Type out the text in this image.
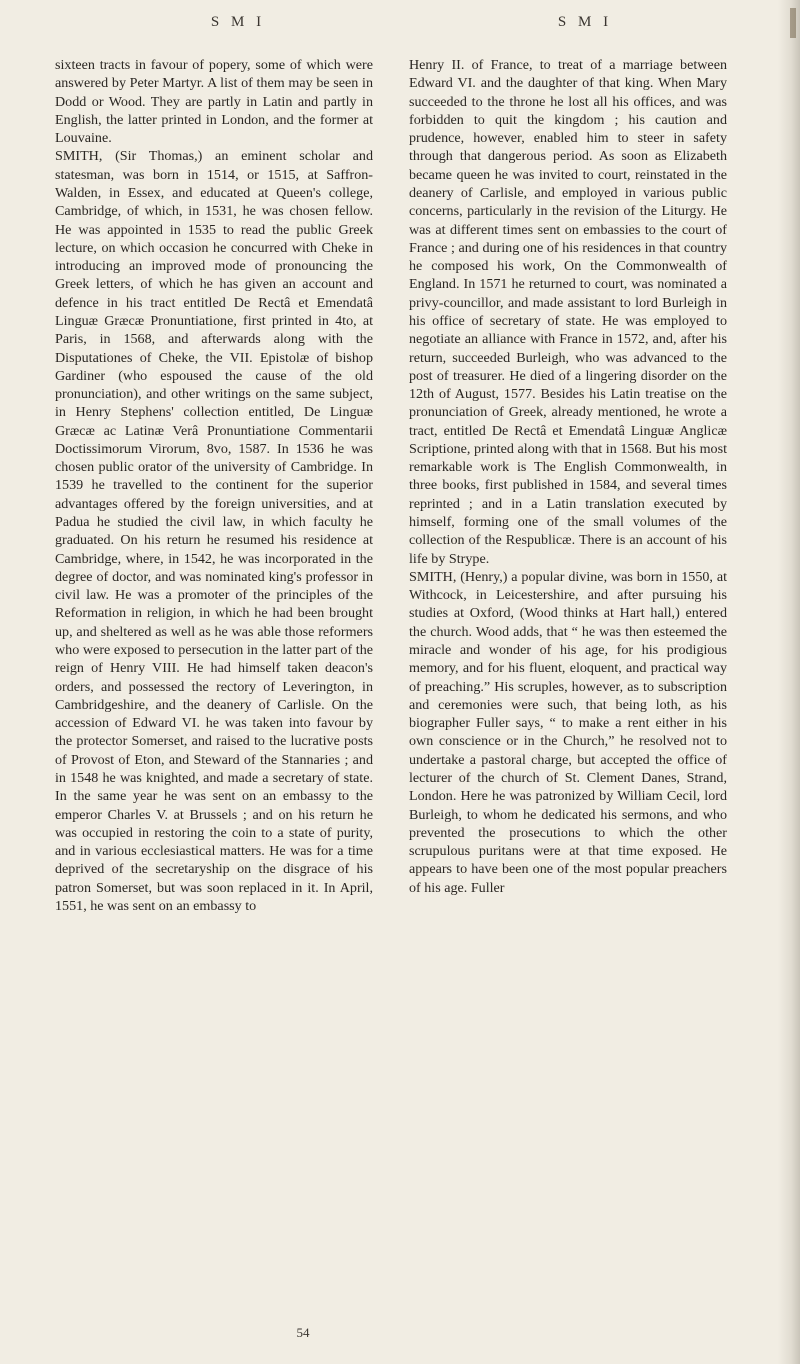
S M I	S M I

sixteen tracts in favour of popery, some of which were answered by Peter Martyr. A list of them may be seen in Dodd or Wood. They are partly in Latin and partly in English, the latter printed in London, and the former at Louvaine.

SMITH, (Sir Thomas,) an eminent scholar and statesman, was born in 1514, or 1515, at Saffron-Walden, in Essex, and educated at Queen's college, Cambridge, of which, in 1531, he was chosen fellow. He was appointed in 1535 to read the public Greek lecture, on which occasion he concurred with Cheke in introducing an improved mode of pronouncing the Greek letters, of which he has given an account and defence in his tract entitled De Rectâ et Emendatâ Linguæ Græcæ Pronuntiatione, first printed in 4to, at Paris, in 1568, and afterwards along with the Disputationes of Cheke, the VII. Epistolæ of bishop Gardiner (who espoused the cause of the old pronunciation), and other writings on the same subject, in Henry Stephens' collection entitled, De Linguæ Græcæ ac Latinæ Verâ Pronuntiatione Commentarii Doctissimorum Virorum, 8vo, 1587. In 1536 he was chosen public orator of the university of Cambridge. In 1539 he travelled to the continent for the superior advantages offered by the foreign universities, and at Padua he studied the civil law, in which faculty he graduated. On his return he resumed his residence at Cambridge, where, in 1542, he was incorporated in the degree of doctor, and was nominated king's professor in civil law. He was a promoter of the principles of the Reformation in religion, in which he had been brought up, and sheltered as well as he was able those reformers who were exposed to persecution in the latter part of the reign of Henry VIII. He had himself taken deacon's orders, and possessed the rectory of Leverington, in Cambridgeshire, and the deanery of Carlisle. On the accession of Edward VI. he was taken into favour by the protector Somerset, and raised to the lucrative posts of Provost of Eton, and Steward of the Stannaries ; and in 1548 he was knighted, and made a secretary of state. In the same year he was sent on an embassy to the emperor Charles V. at Brussels ; and on his return he was occupied in restoring the coin to a state of purity, and in various ecclesiastical matters. He was for a time deprived of the secretaryship on the disgrace of his patron Somerset, but was soon replaced in it. In April, 1551, he was sent on an embassy to

Henry II. of France, to treat of a marriage between Edward VI. and the daughter of that king. When Mary succeeded to the throne he lost all his offices, and was forbidden to quit the kingdom ; his caution and prudence, however, enabled him to steer in safety through that dangerous period. As soon as Elizabeth became queen he was invited to court, reinstated in the deanery of Carlisle, and employed in various public concerns, particularly in the revision of the Liturgy. He was at different times sent on embassies to the court of France ; and during one of his residences in that country he composed his work, On the Commonwealth of England. In 1571 he returned to court, was nominated a privy-councillor, and made assistant to lord Burleigh in his office of secretary of state. He was employed to negotiate an alliance with France in 1572, and, after his return, succeeded Burleigh, who was advanced to the post of treasurer. He died of a lingering disorder on the 12th of August, 1577. Besides his Latin treatise on the pronunciation of Greek, already mentioned, he wrote a tract, entitled De Rectâ et Emendatâ Linguæ Anglicæ Scriptione, printed along with that in 1568. But his most remarkable work is The English Commonwealth, in three books, first published in 1584, and several times reprinted ; and in a Latin translation executed by himself, forming one of the small volumes of the collection of the Respublicæ. There is an account of his life by Strype.

SMITH, (Henry,) a popular divine, was born in 1550, at Withcock, in Leicestershire, and after pursuing his studies at Oxford, (Wood thinks at Hart hall,) entered the church. Wood adds, that “ he was then esteemed the miracle and wonder of his age, for his prodigious memory, and for his fluent, eloquent, and practical way of preaching.” His scruples, however, as to subscription and ceremonies were such, that being loth, as his biographer Fuller says, “ to make a rent either in his own conscience or in the Church,” he resolved not to undertake a pastoral charge, but accepted the office of lecturer of the church of St. Clement Danes, Strand, London. Here he was patronized by William Cecil, lord Burleigh, to whom he dedicated his sermons, and who prevented the prosecutions to which the other scrupulous puritans were at that time exposed. He appears to have been one of the most popular preachers of his age. Fuller

54
